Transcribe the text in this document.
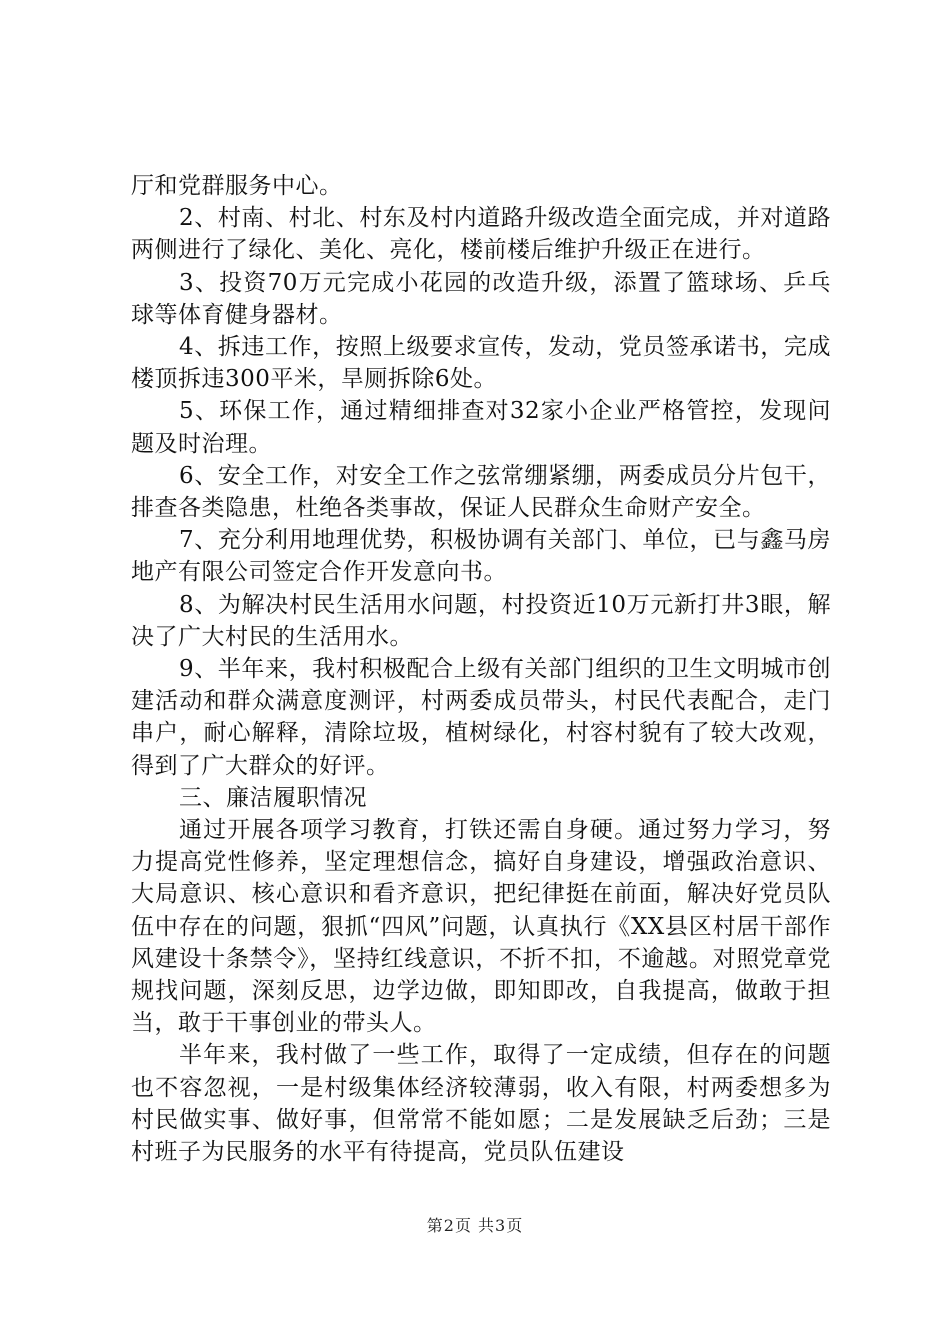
厅和党群服务中心。

2、村南、村北、村东及村内道路升级改造全面完成，并对道路两侧进行了绿化、美化、亮化，楼前楼后维护升级正在进行。

3、投资70万元完成小花园的改造升级，添置了篮球场、乒乓球等体育健身器材。

4、拆违工作，按照上级要求宣传，发动，党员签承诺书，完成楼顶拆违300平米，旱厕拆除6处。

5、环保工作，通过精细排查对32家小企业严格管控，发现问题及时治理。

6、安全工作，对安全工作之弦常绷紧绷，两委成员分片包干，排查各类隐患，杜绝各类事故，保证人民群众生命财产安全。

7、充分利用地理优势，积极协调有关部门、单位，已与鑫马房地产有限公司签定合作开发意向书。

8、为解决村民生活用水问题，村投资近10万元新打井3眼，解决了广大村民的生活用水。

9、半年来，我村积极配合上级有关部门组织的卫生文明城市创建活动和群众满意度测评，村两委成员带头，村民代表配合，走门串户，耐心解释，清除垃圾，植树绿化，村容村貌有了较大改观，得到了广大群众的好评。

三、廉洁履职情况

通过开展各项学习教育，打铁还需自身硬。通过努力学习，努力提高党性修养，坚定理想信念，搞好自身建设，增强政治意识、大局意识、核心意识和看齐意识，把纪律挺在前面，解决好党员队伍中存在的问题，狠抓“四风”问题，认真执行《XX县区村居干部作风建设十条禁令》，坚持红线意识，不折不扣，不逾越。对照党章党规找问题，深刻反思，边学边做，即知即改，自我提高，做敢于担当，敢于干事创业的带头人。

半年来，我村做了一些工作，取得了一定成绩，但存在的问题也不容忽视，一是村级集体经济较薄弱，收入有限，村两委想多为村民做实事、做好事，但常常不能如愿；二是发展缺乏后劲；三是村班子为民服务的水平有待提高，党员队伍建设

第2页 共3页
